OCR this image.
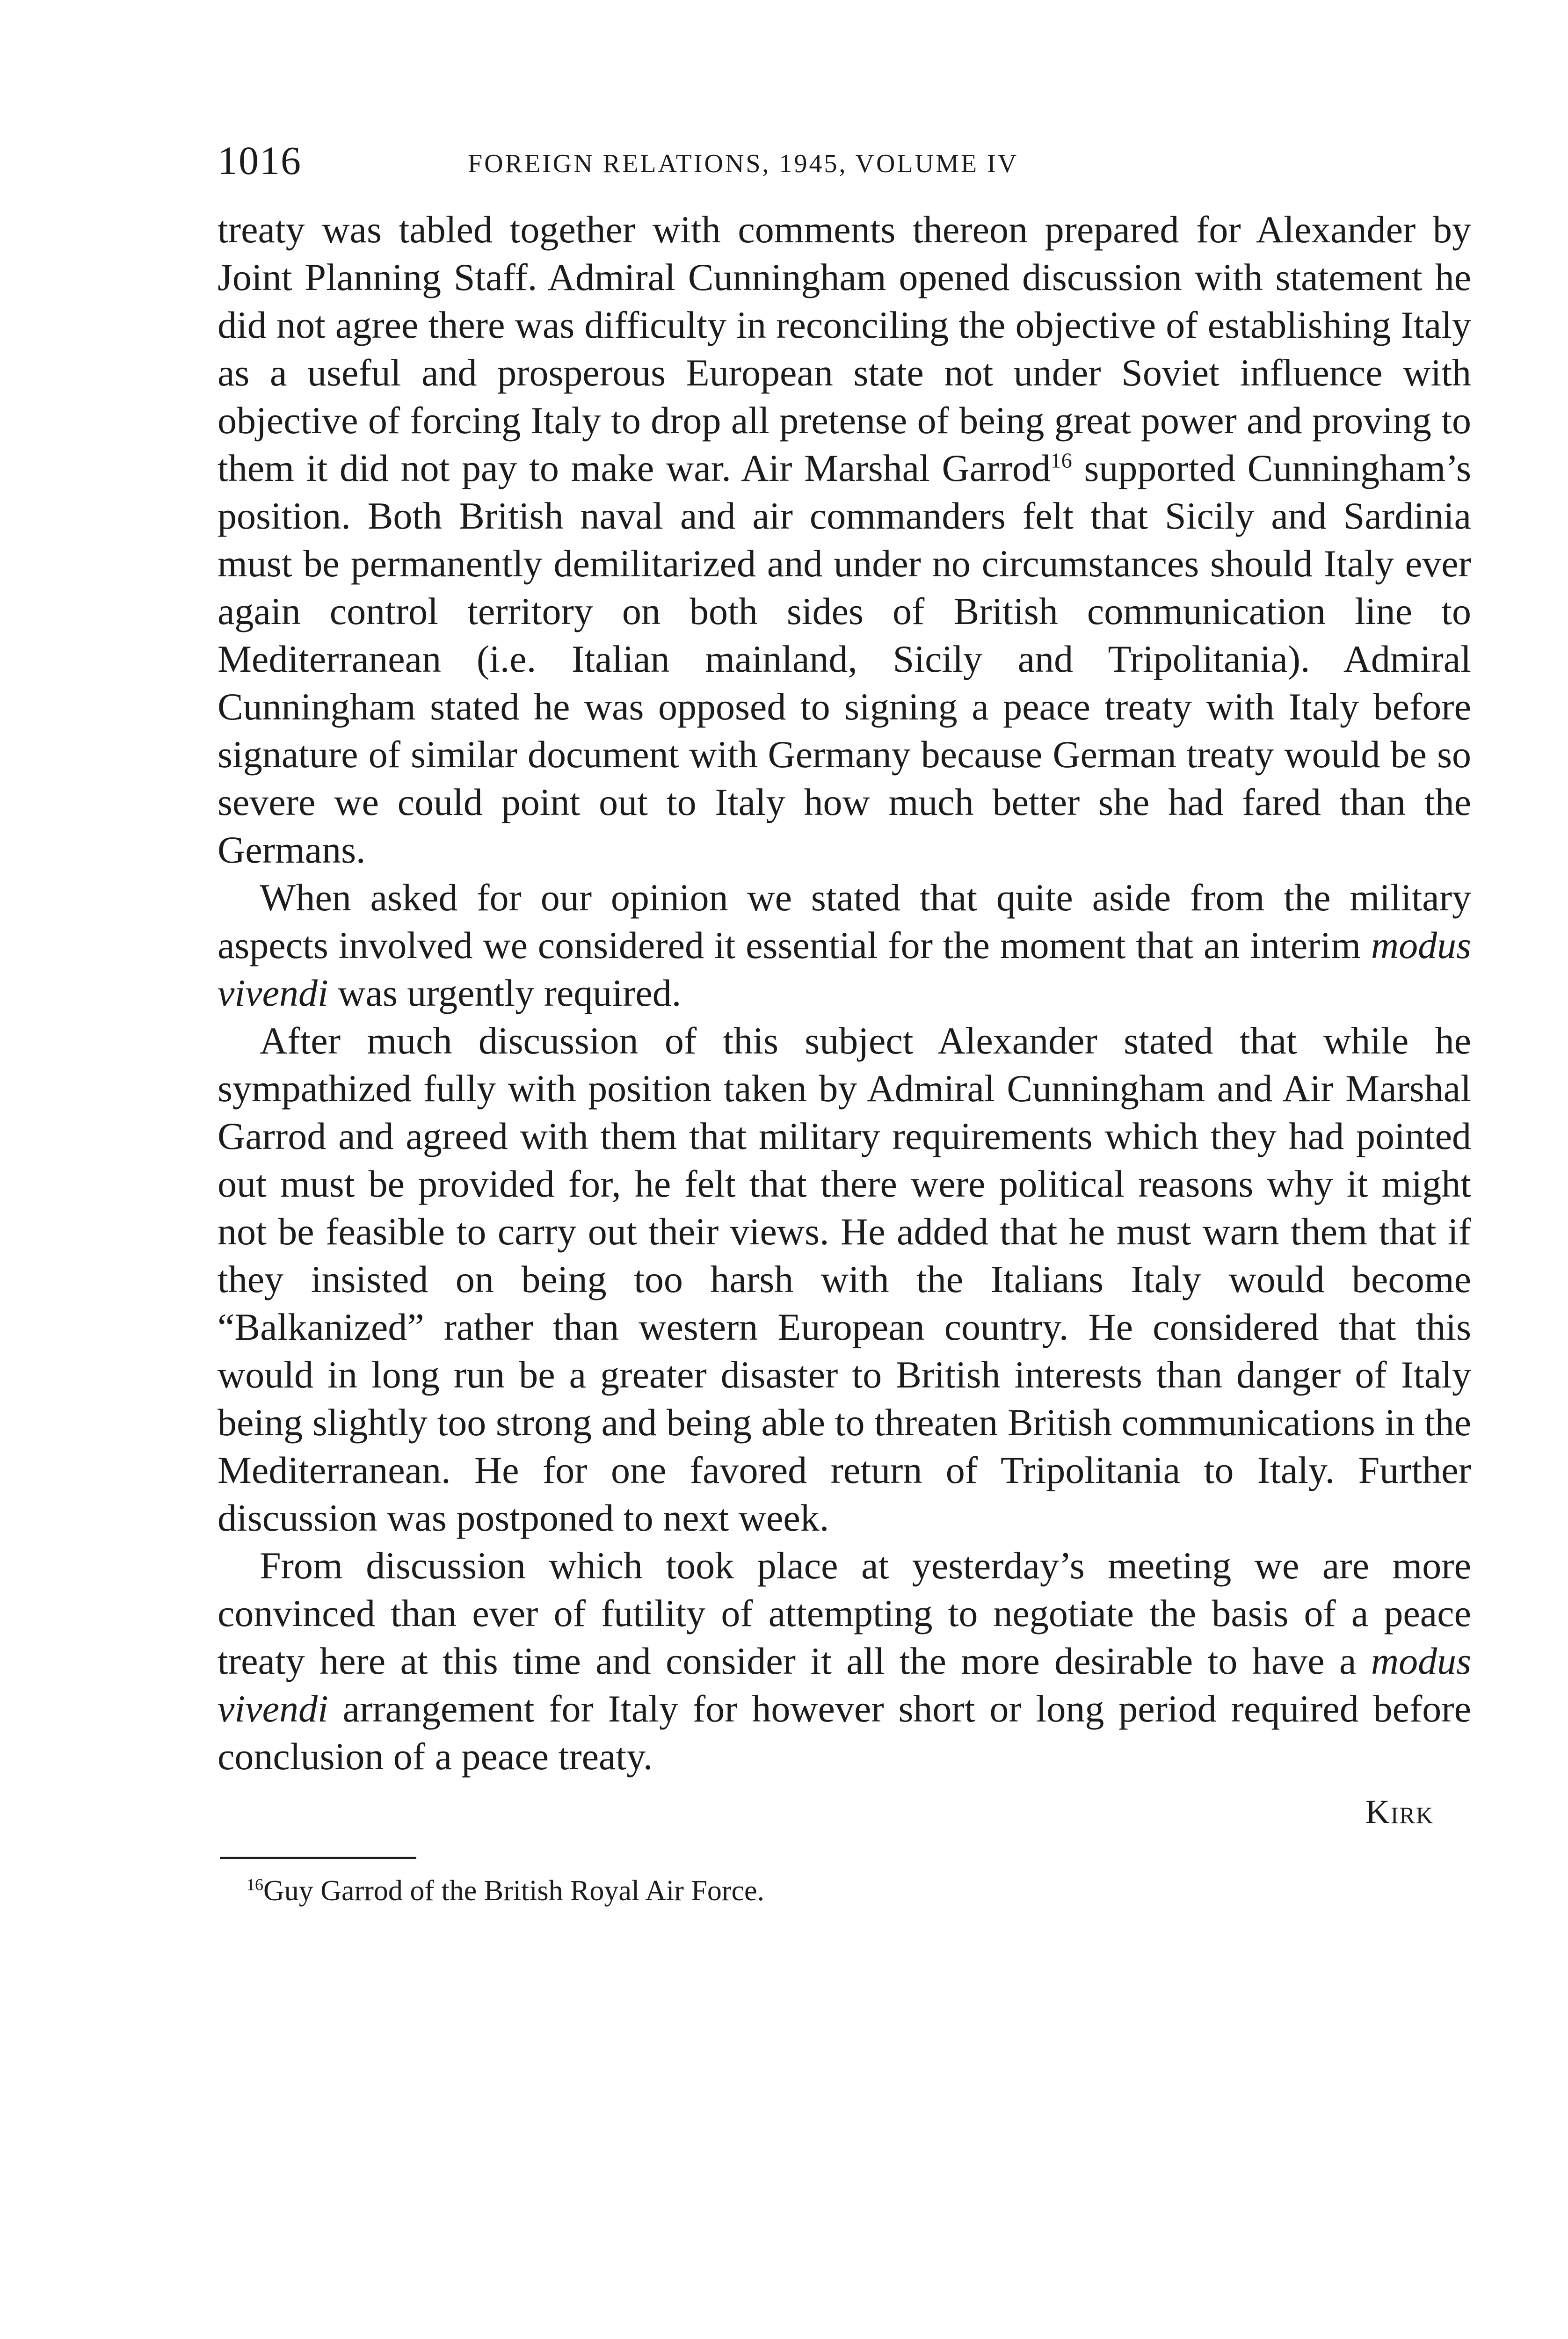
1016	FOREIGN RELATIONS, 1945, VOLUME IV

treaty was tabled together with comments thereon prepared for Alexander by Joint Planning Staff. Admiral Cunningham opened discussion with statement he did not agree there was difficulty in reconciling the objective of establishing Italy as a useful and prosperous European state not under Soviet influence with objective of forcing Italy to drop all pretense of being great power and proving to them it did not pay to make war. Air Marshal Garrod$^{16}$ supported Cunningham’s position. Both British naval and air commanders felt that Sicily and Sardinia must be permanently demilitarized and under no circumstances should Italy ever again control territory on both sides of British communication line to Mediterranean (i.e. Italian mainland, Sicily and Tripolitania). Admiral Cunningham stated he was opposed to signing a peace treaty with Italy before signature of similar document with Germany because German treaty would be so severe we could point out to Italy how much better she had fared than the Germans.

When asked for our opinion we stated that quite aside from the military aspects involved we considered it essential for the moment that an interim modus vivendi was urgently required.

After much discussion of this subject Alexander stated that while he sympathized fully with position taken by Admiral Cunningham and Air Marshal Garrod and agreed with them that military requirements which they had pointed out must be provided for, he felt that there were political reasons why it might not be feasible to carry out their views. He added that he must warn them that if they insisted on being too harsh with the Italians Italy would become “Balkanized” rather than western European country. He considered that this would in long run be a greater disaster to British interests than danger of Italy being slightly too strong and being able to threaten British communications in the Mediterranean. He for one favored return of Tripolitania to Italy. Further discussion was postponed to next week.

From discussion which took place at yesterday’s meeting we are more convinced than ever of futility of attempting to negotiate the basis of a peace treaty here at this time and consider it all the more desirable to have a modus vivendi arrangement for Italy for however short or long period required before conclusion of a peace treaty.

Kirk
$^{16}$Guy Garrod of the British Royal Air Force.
